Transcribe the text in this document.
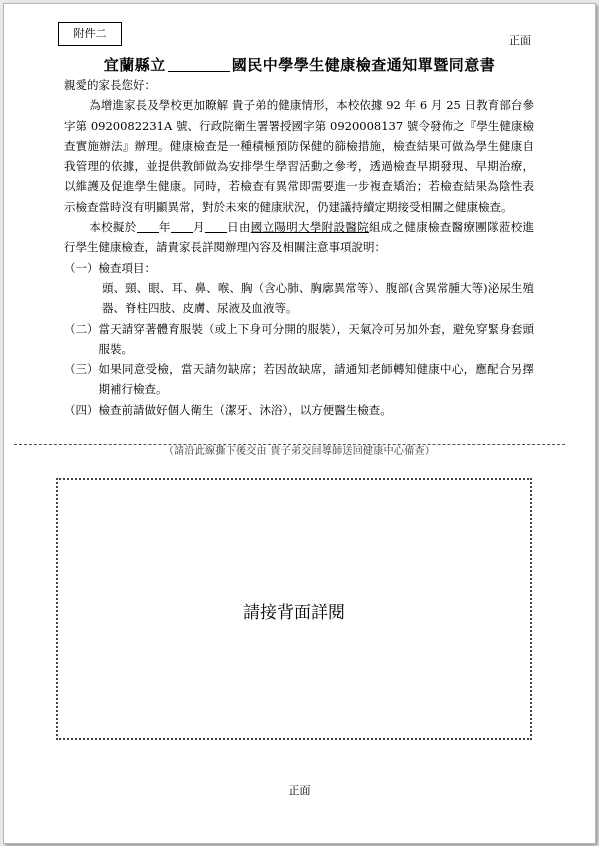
附件二
正面
宜蘭縣立	國民中學學生健康檢查通知單暨同意書

親愛的家長您好：

為增進家長及學校更加瞭解 貴子弟的健康情形，本校依據 92 年 6 月 25 日教育部台參字第 0920082231A 號、行政院衛生署署授國字第 0920008137 號令發佈之『學生健康檢查實施辦法』辦理。健康檢查是一種積極預防保健的篩檢措施，檢查結果可做為學生健康自我管理的依據，並提供教師做為安排學生學習活動之參考，透過檢查早期發現、早期治療，以維護及促進學生健康。同時，若檢查有異常即需要進一步複查矯治；若檢查結果為陰性表示檢查當時沒有明顯異常，對於未來的健康狀況，仍建議持續定期接受相關之健康檢查。

本校擬於 年 月 日由國立陽明大學附設醫院組成之健康檢查醫療團隊蒞校進行學生健康檢查，請貴家長詳閱辦理內容及相關注意事項說明：

（一） 檢查項目：
頭、頸、眼、耳、鼻、喉、胸（含心肺、胸廓異常等）、腹部(含異常腫大等)泌尿生殖器、脊柱四肢、皮膚、尿液及血液等。
（二） 當天請穿著體育服裝（或上下身可分開的服裝），天氣冷可另加外套，避免穿緊身套頭服裝。
（三） 如果同意受檢，當天請勿缺席；若因故缺席，請通知老師轉知健康中心，應配合另擇期補行檢查。
（四） 檢查前請做好個人衛生（潔牙、沐浴），以方便醫生檢查。
（請沿此線撕下後交由 貴子弟交回導師送回健康中心備查）
請接背面詳閱
正面
